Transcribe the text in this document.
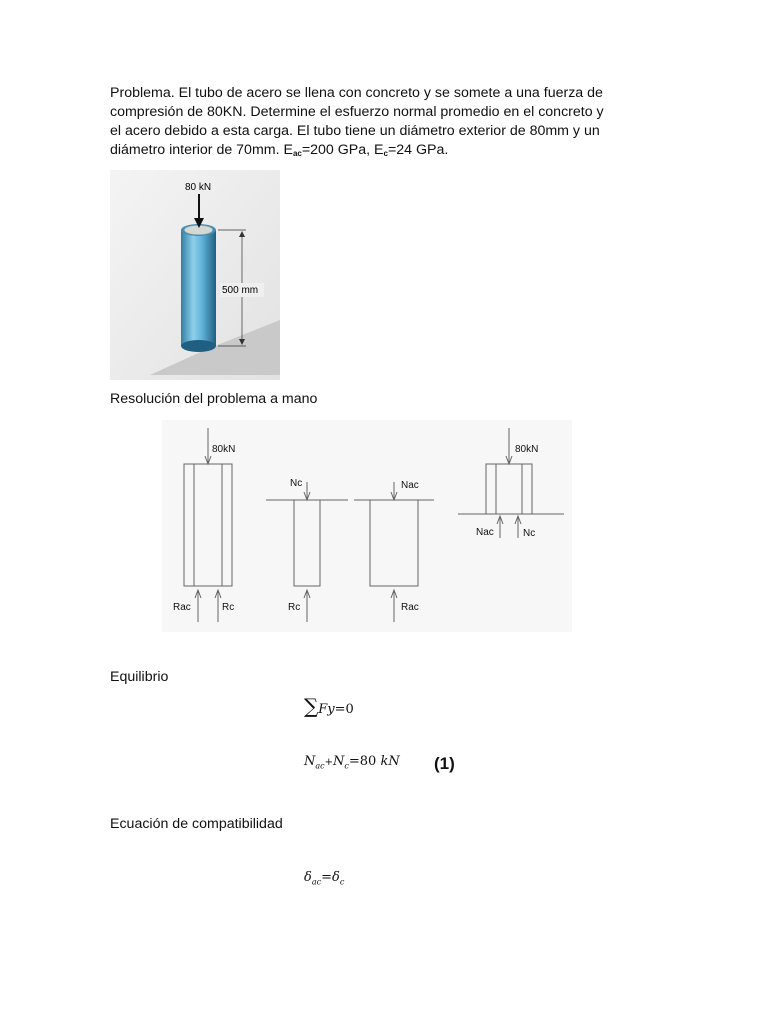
Problema. El tubo de acero se llena con concreto y se somete a una fuerza de
compresión de 80KN. Determine el esfuerzo normal promedio en el concreto y
el acero debido a esta carga. El tubo tiene un diámetro exterior de 80mm y un
diámetro interior de 70mm. $E_{ac}=200$ GPa, $E_c=24$ GPa.
80 kN
500 mm
Resolución del problema a mano
80kN
Rac	Rc
Nc
Rc
Nac
Rac
80kN
Nac	Nc
Equilibrio
∑Fy=0
$N_{ac}+N_c=80$ kN (1)
Ecuación de compatibilidad
$\delta_{ac}=\delta_c$
